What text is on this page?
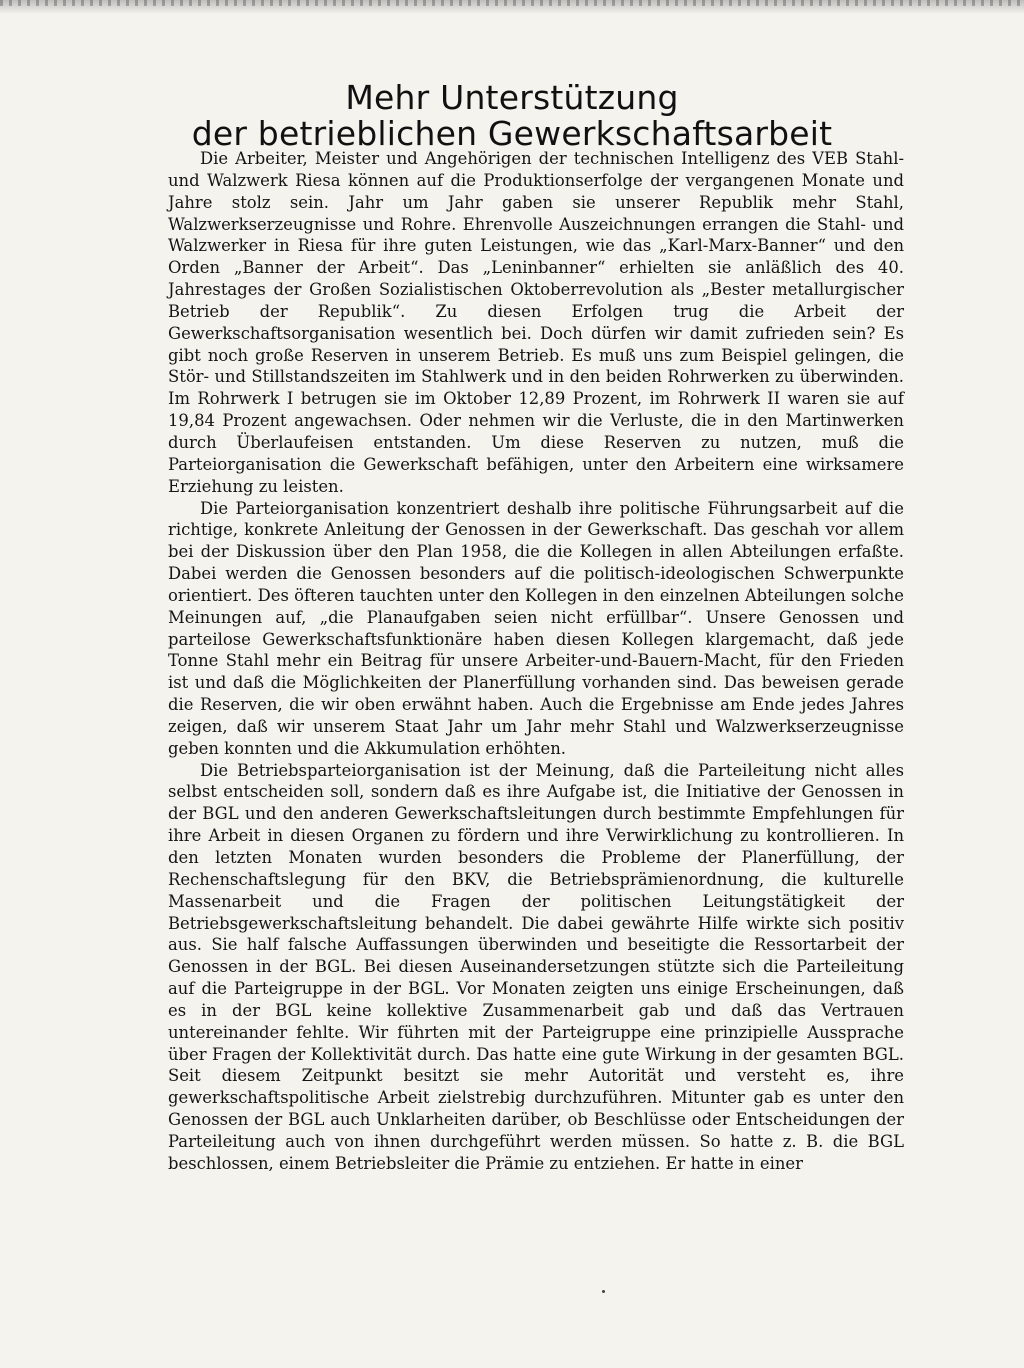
Mehr Unterstützung
der betrieblichen Gewerkschaftsarbeit

Die Arbeiter, Meister und Angehörigen der technischen Intelligenz des VEB Stahl- und Walzwerk Riesa können auf die Produktionserfolge der vergangenen Monate und Jahre stolz sein. Jahr um Jahr gaben sie unserer Republik mehr Stahl, Walzwerkserzeugnisse und Rohre. Ehrenvolle Auszeichnungen errangen die Stahl- und Walzwerker in Riesa für ihre guten Leistungen, wie das „Karl-Marx-Banner“ und den Orden „Banner der Arbeit“. Das „Leninbanner“ erhielten sie anläßlich des 40. Jahrestages der Großen Sozialistischen Oktoberrevolution als „Bester metallurgischer Betrieb der Republik“. Zu diesen Erfolgen trug die Arbeit der Gewerkschaftsorganisation wesentlich bei. Doch dürfen wir damit zufrieden sein? Es gibt noch große Reserven in unserem Betrieb. Es muß uns zum Beispiel gelingen, die Stör- und Stillstandszeiten im Stahlwerk und in den beiden Rohrwerken zu überwinden. Im Rohrwerk I betrugen sie im Oktober 12,89 Prozent, im Rohrwerk II waren sie auf 19,84 Prozent angewachsen. Oder nehmen wir die Verluste, die in den Martinwerken durch Überlaufeisen entstanden. Um diese Reserven zu nutzen, muß die Parteiorganisation die Gewerkschaft befähigen, unter den Arbeitern eine wirksamere Erziehung zu leisten.

Die Parteiorganisation konzentriert deshalb ihre politische Führungsarbeit auf die richtige, konkrete Anleitung der Genossen in der Gewerkschaft. Das geschah vor allem bei der Diskussion über den Plan 1958, die die Kollegen in allen Abteilungen erfaßte. Dabei werden die Genossen besonders auf die politisch-ideologischen Schwerpunkte orientiert. Des öfteren tauchten unter den Kollegen in den einzelnen Abteilungen solche Meinungen auf, „die Planaufgaben seien nicht erfüllbar“. Unsere Genossen und parteilose Gewerkschaftsfunktionäre haben diesen Kollegen klargemacht, daß jede Tonne Stahl mehr ein Beitrag für unsere Arbeiter-und-Bauern-Macht, für den Frieden ist und daß die Möglichkeiten der Planerfüllung vorhanden sind. Das beweisen gerade die Reserven, die wir oben erwähnt haben. Auch die Ergebnisse am Ende jedes Jahres zeigen, daß wir unserem Staat Jahr um Jahr mehr Stahl und Walzwerkserzeugnisse geben konnten und die Akkumulation erhöhten.

Die Betriebsparteiorganisation ist der Meinung, daß die Parteileitung nicht alles selbst entscheiden soll, sondern daß es ihre Aufgabe ist, die Initiative der Genossen in der BGL und den anderen Gewerkschaftsleitungen durch bestimmte Empfehlungen für ihre Arbeit in diesen Organen zu fördern und ihre Verwirklichung zu kontrollieren. In den letzten Monaten wurden besonders die Probleme der Planerfüllung, der Rechenschaftslegung für den BKV, die Betriebsprämienordnung, die kulturelle Massenarbeit und die Fragen der politischen Leitungstätigkeit der Betriebsgewerkschaftsleitung behandelt. Die dabei gewährte Hilfe wirkte sich positiv aus. Sie half falsche Auffassungen überwinden und beseitigte die Ressortarbeit der Genossen in der BGL. Bei diesen Auseinandersetzungen stützte sich die Parteileitung auf die Parteigruppe in der BGL. Vor Monaten zeigten uns einige Erscheinungen, daß es in der BGL keine kollektive Zusammenarbeit gab und daß das Vertrauen untereinander fehlte. Wir führten mit der Parteigruppe eine prinzipielle Aussprache über Fragen der Kollektivität durch. Das hatte eine gute Wirkung in der gesamten BGL. Seit diesem Zeitpunkt besitzt sie mehr Autorität und versteht es, ihre gewerkschaftspolitische Arbeit zielstrebig durchzuführen. Mitunter gab es unter den Genossen der BGL auch Unklarheiten darüber, ob Beschlüsse oder Entscheidungen der Parteileitung auch von ihnen durchgeführt werden müssen. So hatte z. B. die BGL beschlossen, einem Betriebsleiter die Prämie zu entziehen. Er hatte in einer
